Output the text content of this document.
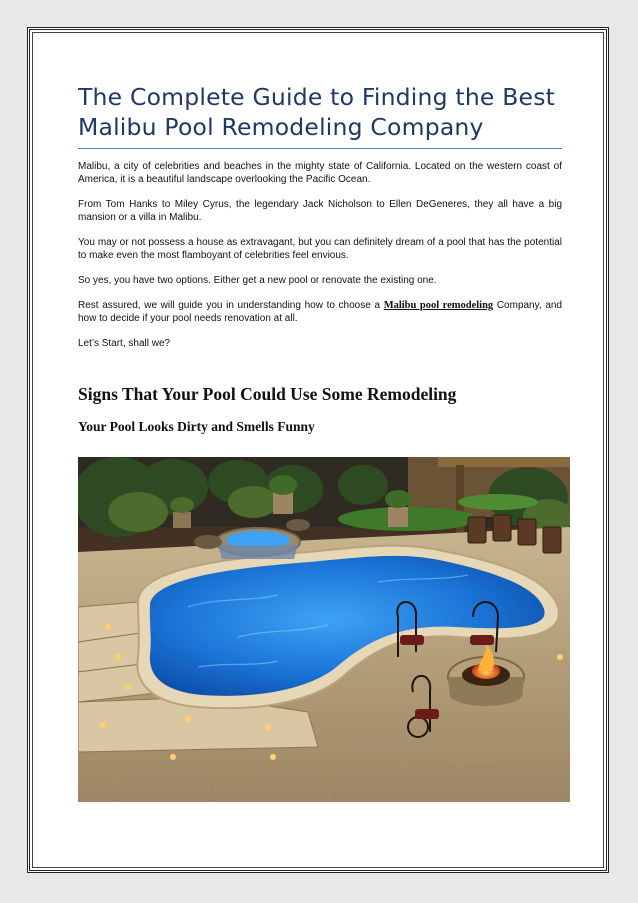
The Complete Guide to Finding the Best Malibu Pool Remodeling Company

Malibu, a city of celebrities and beaches in the mighty state of California. Located on the western coast of America, it is a beautiful landscape overlooking the Pacific Ocean.

From Tom Hanks to Miley Cyrus, the legendary Jack Nicholson to Ellen DeGeneres, they all have a big mansion or a villa in Malibu.

You may or not possess a house as extravagant, but you can definitely dream of a pool that has the potential to make even the most flamboyant of celebrities feel envious.

So yes, you have two options. Either get a new pool or renovate the existing one.

Rest assured, we will guide you in understanding how to choose a Malibu pool remodeling Company, and how to decide if your pool needs renovation at all.

Let’s Start, shall we?

Signs That Your Pool Could Use Some Remodeling
Your Pool Looks Dirty and Smells Funny
